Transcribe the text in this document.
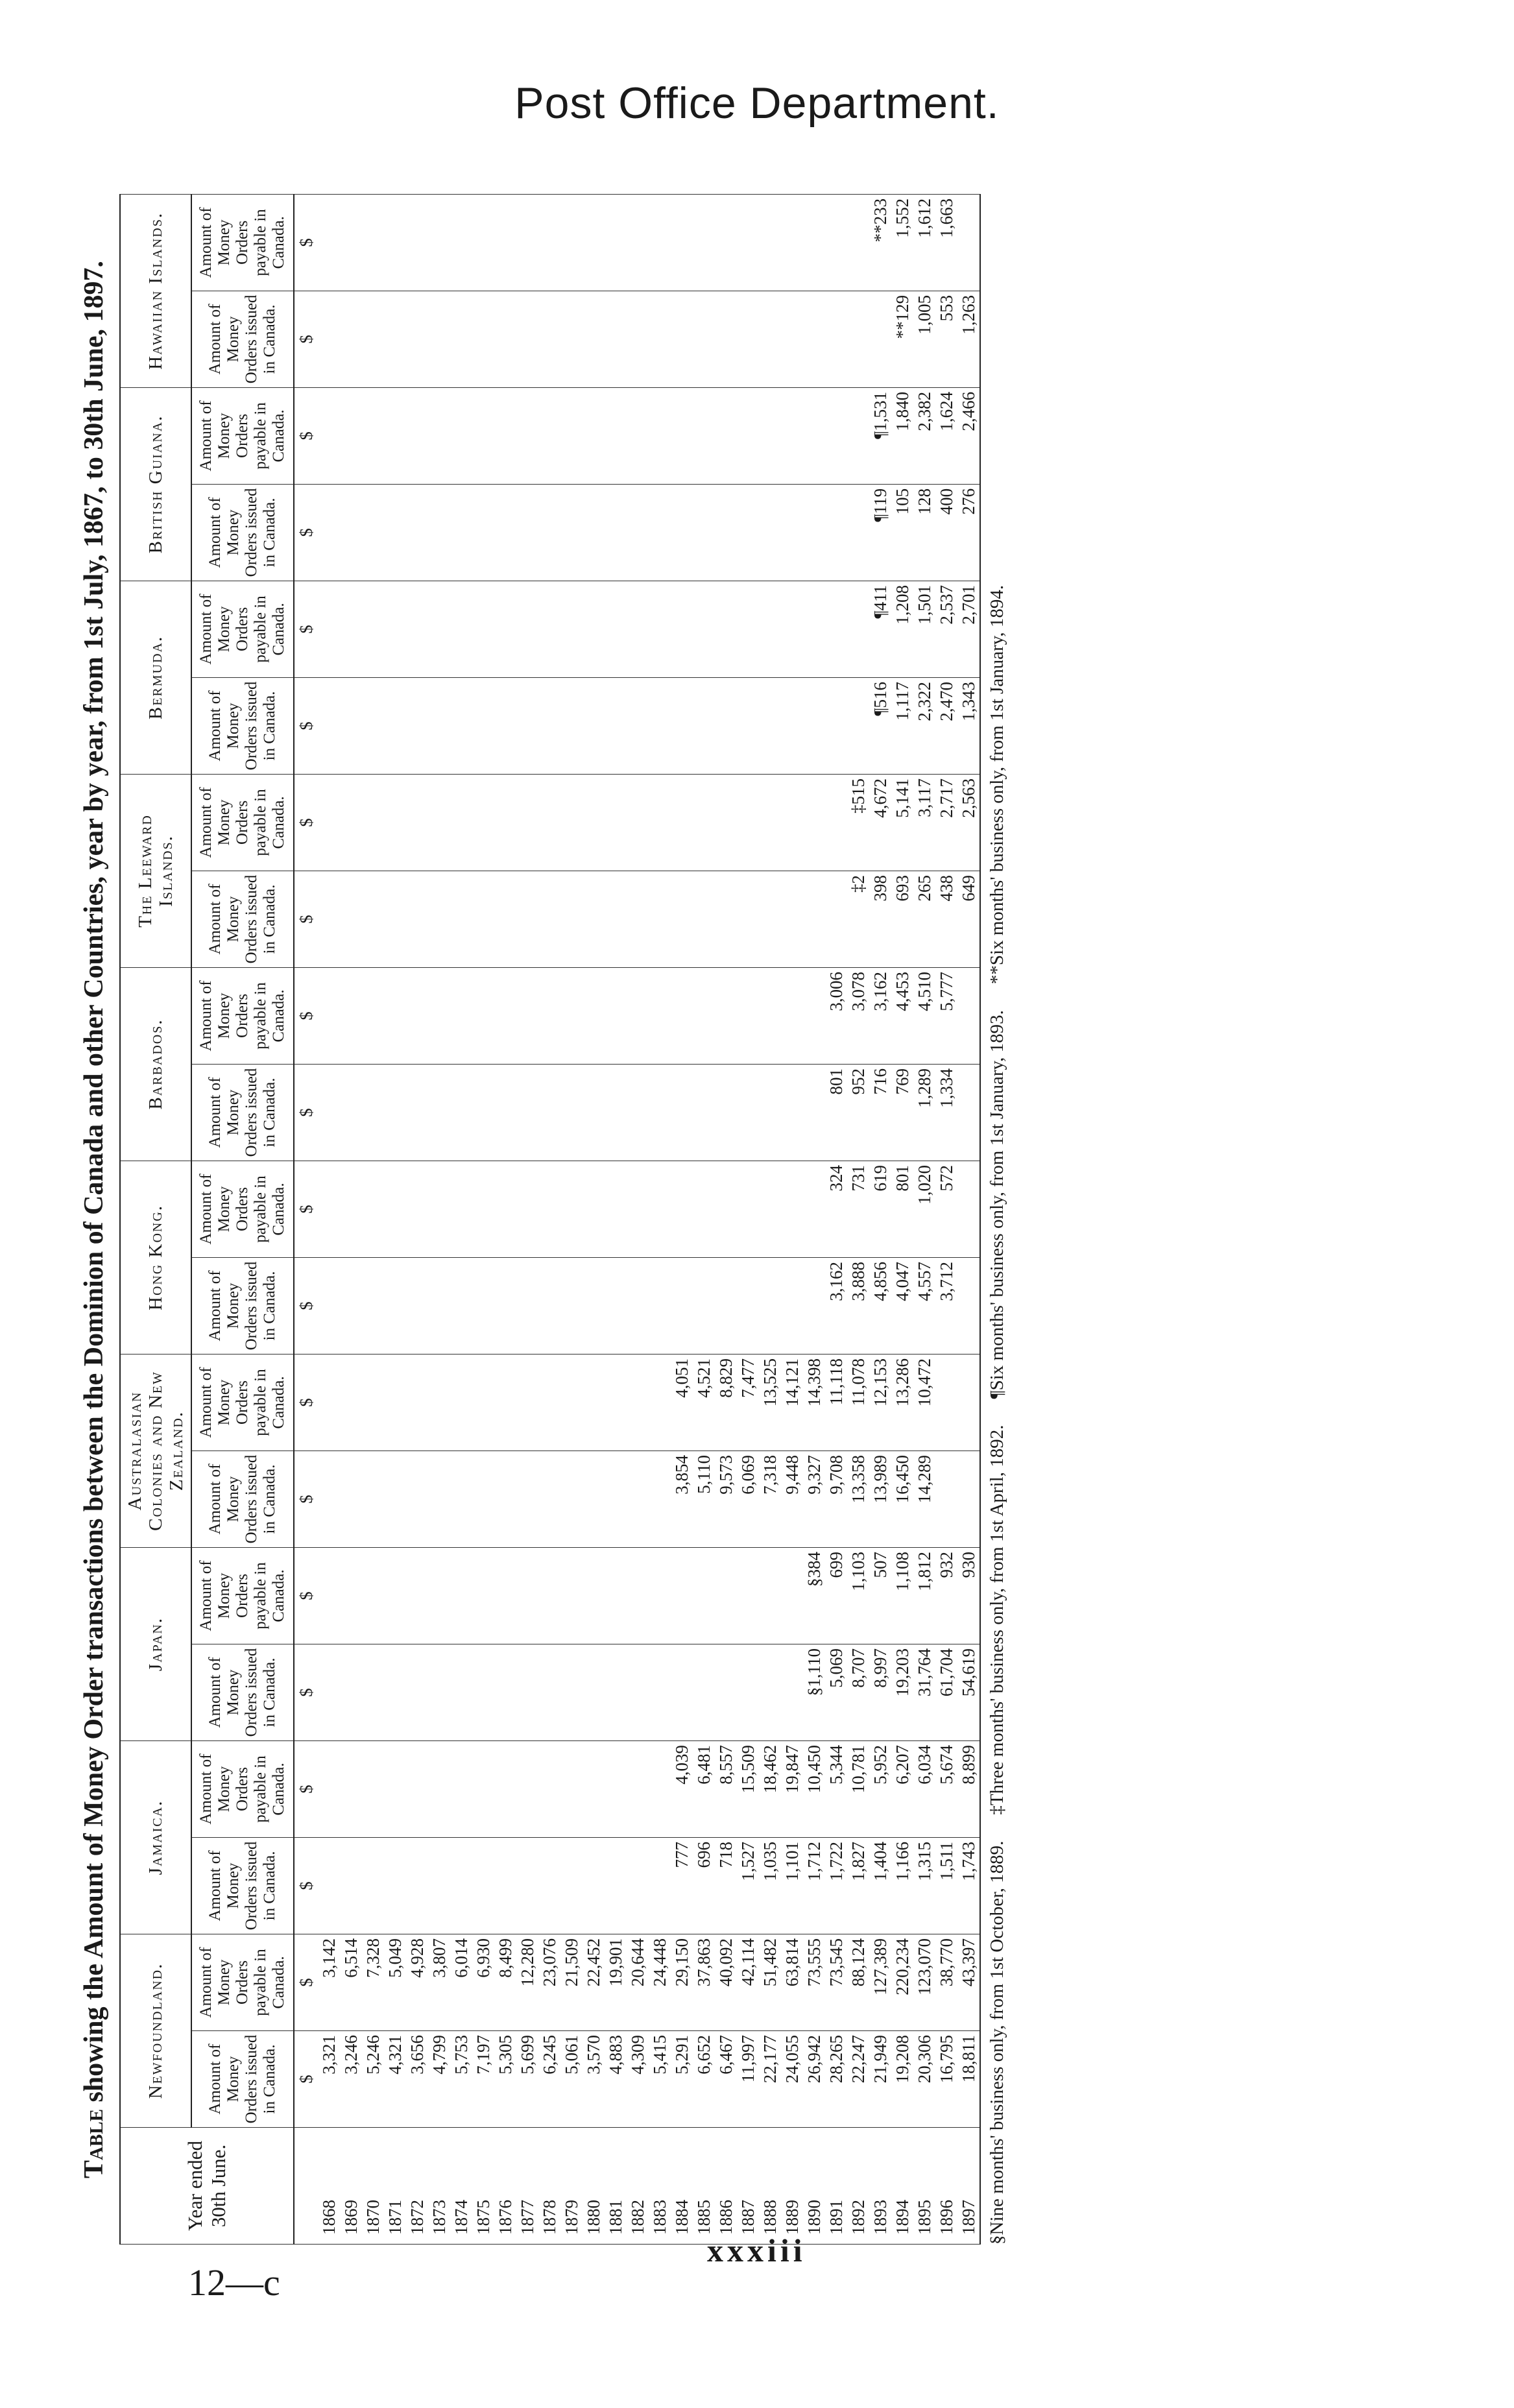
Post Office Department.
Table showing the Amount of Money Order transactions between the Dominion of Canada and other Countries, year by year, from 1st July, 1867, to 30th June, 1897.
Year ended 30th June.	Newfoundland.		Jamaica.		Japan.		Australasian Colonies and New Zealand.		Hong Kong.		Barbados.		The Leeward Islands.		Bermuda.		British Guiana.		Hawaiian Islands.	
	Amount of Money Orders issued in Canada.	Amount of Money Orders payable in Canada.	Amount of Money Orders issued in Canada.	Amount of Money Orders payable in Canada.	Amount of Money Orders issued in Canada.	Amount of Money Orders payable in Canada.	Amount of Money Orders issued in Canada.	Amount of Money Orders payable in Canada.	Amount of Money Orders issued in Canada.	Amount of Money Orders payable in Canada.	Amount of Money Orders issued in Canada.	Amount of Money Orders payable in Canada.	Amount of Money Orders issued in Canada.	Amount of Money Orders payable in Canada.	Amount of Money Orders issued in Canada.	Amount of Money Orders payable in Canada.	Amount of Money Orders issued in Canada.	Amount of Money Orders payable in Canada.	Amount of Money Orders issued in Canada.	Amount of Money Orders payable in Canada.
	$	$	$	$	$	$	$	$	$	$	$	$	$	$	$	$	$	$	$	$
1868	3,321	3,142																		
1869	3,246	6,514																		
1870	5,246	7,328																		
1871	4,321	5,049																		
1872	3,656	4,928																		
1873	4,799	3,807																		
1874	5,753	6,014																		
1875	7,197	6,930																		
1876	5,305	8,499																		
1877	5,699	12,280																		
1878	6,245	23,076																		
1879	5,061	21,509																		
1880	3,570	22,452																		
1881	4,883	19,901																		
1882	4,309	20,644																		
1883	5,415	24,448																		
1884	5,291	29,150	777	4,039			3,854	4,051												
1885	6,652	37,863	696	6,481			5,110	4,521												
1886	6,467	40,092	718	8,557			9,573	8,829												
1887	11,997	42,114	1,527	15,509			6,069	7,477												
1888	22,177	51,482	1,035	18,462			7,318	13,525												
1889	24,055	63,814	1,101	19,847			9,448	14,121												
1890	26,942	73,555	1,712	10,450	§1,110	§384	9,327	14,398												
1891	28,265	73,545	1,722	5,344	5,069	699	9,708	11,118	3,162	324	801	3,006								
1892	22,247	88,124	1,827	10,781	8,707	1,103	13,358	11,078	3,888	731	952	3,078	‡2	‡515						
1893	21,949	127,389	1,404	5,952	8,997	507	13,989	12,153	4,856	619	716	3,162	398	4,672	¶516	¶411	¶119	¶1,531		**233
1894	19,208	220,234	1,166	6,207	19,203	1,108	16,450	13,286	4,047	801	769	4,453	693	5,141	1,117	1,208	105	1,840	**129	1,552
1895	20,306	123,070	1,315	6,034	31,764	1,812	14,289	10,472	4,557	1,020	1,289	4,510	265	3,117	2,322	1,501	128	2,382	1,005	1,612
1896	16,795	38,770	1,511	5,674	61,704	932			3,712	572	1,334	5,777	438	2,717	2,470	2,537	400	1,624	553	1,663
1897	18,811	43,397	1,743	8,899	54,619	930							649	2,563	1,343	2,701	276	2,466	1,263	
§Nine months' business only, from 1st October, 1889.‡Three months' business only, from 1st April, 1892.¶Six months' business only, from 1st January, 1893.**Six months' business only, from 1st January, 1894.
xxxiii
12—c
